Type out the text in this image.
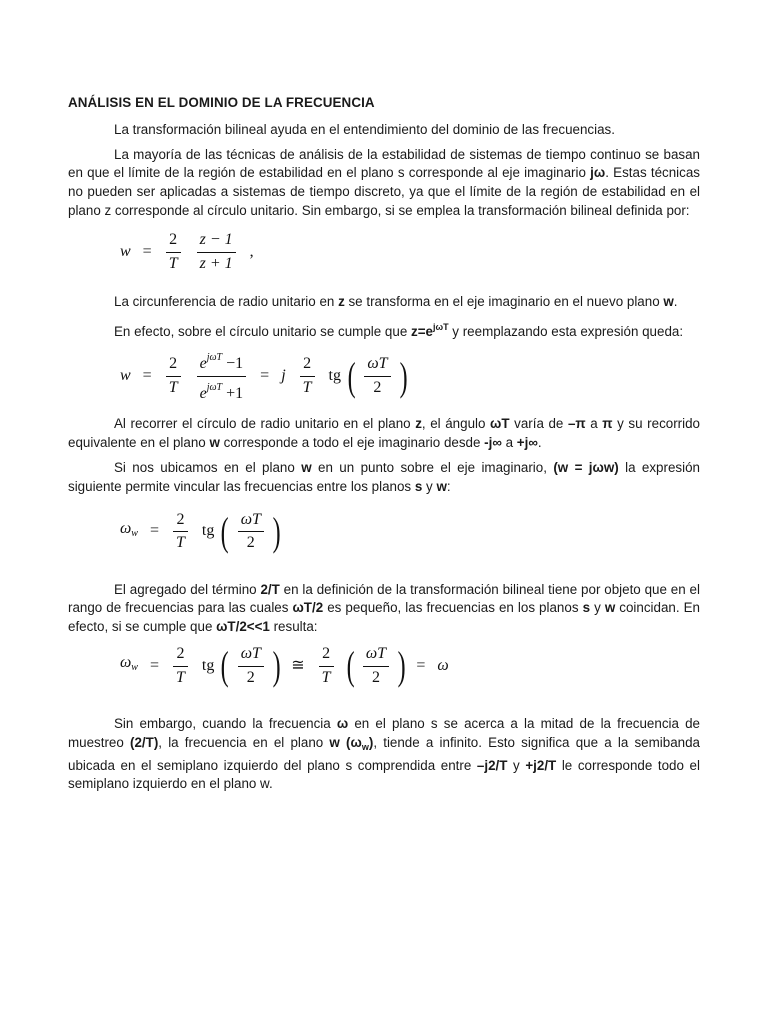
ANÁLISIS EN EL DOMINIO DE LA FRECUENCIA

La transformación bilineal ayuda en el entendimiento del dominio de las frecuencias.

La mayoría de las técnicas de análisis de la estabilidad de sistemas de tiempo continuo se basan en que el límite de la región de estabilidad en el plano s corresponde al eje imaginario jω. Estas técnicas no pueden ser aplicadas a sistemas de tiempo discreto, ya que el límite de la región de estabilidad en el plano z corresponde al círculo unitario. Sin embargo, si se emplea la transformación bilineal definida por:

$w = \frac{2}{T}$
$\frac{z - 1}{z + 1}$ ,

La circunferencia de radio unitario en z se transforma en el eje imaginario en el nuevo plano w.

En efecto, sobre el círculo unitario se cumple que $z=e^{j\omega T}$ y reemplazando esta expresión queda:

$w = \frac{2}{T}$
$\frac{e^{j\omega T} -1}{e^{j\omega T} +1} = j \frac{2}{T}$ tg ( $\frac{\omega T}{2}$ )

Al recorrer el círculo de radio unitario en el plano z, el ángulo ωT varía de –π a π y su recorrido equivalente en el plano w corresponde a todo el eje imaginario desde -j∞ a +j∞.

Si nos ubicamos en el plano w en un punto sobre el eje imaginario, (w = jωw) la expresión siguiente permite vincular las frecuencias entre los planos s y w:

$\omega_w = \frac{2}{T}$ tg ( $\frac{\omega T}{2}$ )

El agregado del término 2/T en la definición de la transformación bilineal tiene por objeto que en el rango de frecuencias para las cuales ωT/2 es pequeño, las frecuencias en los planos s y w coincidan. En efecto, si se cumple que ωT/2<<1 resulta:

$\omega_w = \frac{2}{T}$ tg ( $\frac{\omega T}{2}$ ) ≅ $\frac{2}{T}$ ( $\frac{\omega T}{2}$ ) = ω

Sin embargo, cuando la frecuencia ω en el plano s se acerca a la mitad de la frecuencia de muestreo (2/T), la frecuencia en el plano w $(\omega_w)$, tiende a infinito. Esto significa que a la semibanda ubicada en el semiplano izquierdo del plano s comprendida entre –j2/T y +j2/T le corresponde todo el semiplano izquierdo en el plano w.
